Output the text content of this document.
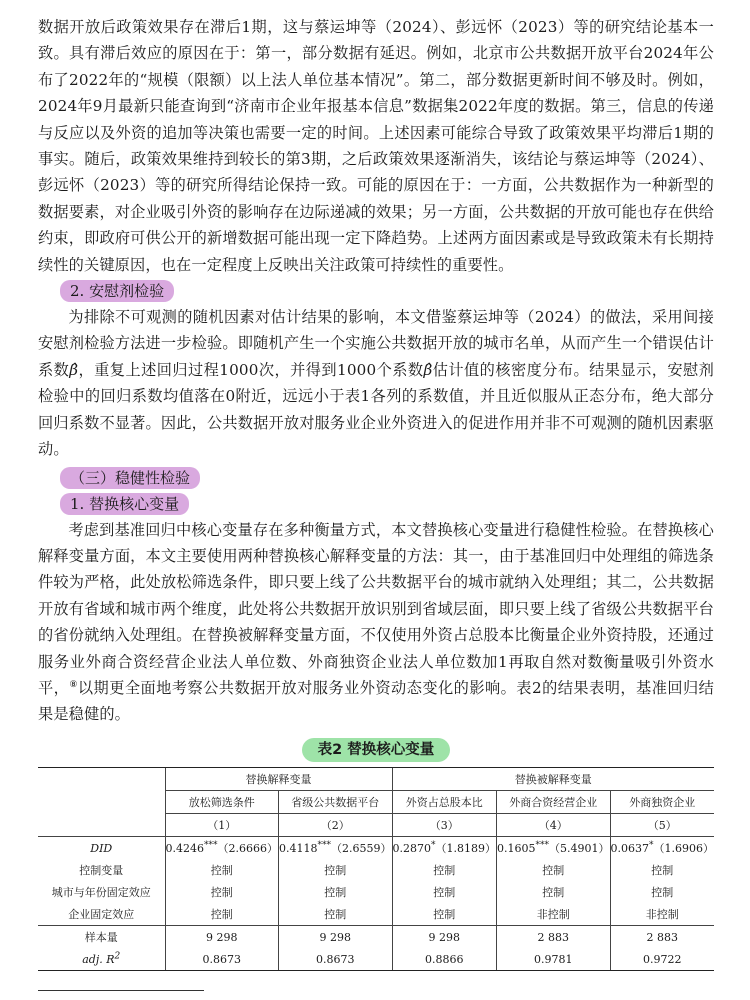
数据开放后政策效果存在滞后1期，这与蔡运坤等（2024）、彭远怀（2023）等的研究结论基本一致。具有滞后效应的原因在于：第一，部分数据有延迟。例如，北京市公共数据开放平台2024年公布了2022年的“规模（限额）以上法人单位基本情况”。第二，部分数据更新时间不够及时。例如，2024年9月最新只能查询到“济南市企业年报基本信息”数据集2022年度的数据。第三，信息的传递与反应以及外资的追加等决策也需要一定的时间。上述因素可能综合导致了政策效果平均滞后1期的事实。随后，政策效果维持到较长的第3期，之后政策效果逐渐消失，该结论与蔡运坤等（2024）、彭远怀（2023）等的研究所得结论保持一致。可能的原因在于：一方面，公共数据作为一种新型的数据要素，对企业吸引外资的影响存在边际递减的效果；另一方面，公共数据的开放可能也存在供给约束，即政府可供公开的新增数据可能出现一定下降趋势。上述两方面因素或是导致政策未有长期持续性的关键原因，也在一定程度上反映出关注政策可持续性的重要性。

2. 安慰剂检验

为排除不可观测的随机因素对估计结果的影响，本文借鉴蔡运坤等（2024）的做法，采用间接安慰剂检验方法进一步检验。即随机产生一个实施公共数据开放的城市名单，从而产生一个错误估计系数β̂，重复上述回归过程1000次，并得到1000个系数β̂估计值的核密度分布。结果显示，安慰剂检验中的回归系数均值落在0附近，远远小于表1各列的系数值，并且近似服从正态分布，绝大部分回归系数不显著。因此，公共数据开放对服务业企业外资进入的促进作用并非不可观测的随机因素驱动。

（三）稳健性检验
1. 替换核心变量

考虑到基准回归中核心变量存在多种衡量方式，本文替换核心变量进行稳健性检验。在替换核心解释变量方面，本文主要使用两种替换核心解释变量的方法：其一，由于基准回归中处理组的筛选条件较为严格，此处放松筛选条件，即只要上线了公共数据平台的城市就纳入处理组；其二，公共数据开放有省域和城市两个维度，此处将公共数据开放识别到省域层面，即只要上线了省级公共数据平台的省份就纳入处理组。在替换被解释变量方面，不仅使用外资占总股本比衡量企业外资持股，还通过服务业外商合资经营企业法人单位数、外商独资企业法人单位数加1再取自然对数衡量吸引外资水平，⑧以期更全面地考察公共数据开放对服务业外资动态变化的影响。表2的结果表明，基准回归结果是稳健的。

表2 替换核心变量
	替换解释变量		替换被解释变量		
	放松筛选条件	省级公共数据平台	外资占总股本比	外商合资经营企业	外商独资企业
	（1）	（2）	（3）	（4）	（5）
DID	0.4246***（2.6666）	0.4118***（2.6559）	0.2870*（1.8189）	0.1605***（5.4901）	0.0637*（1.6906）
控制变量	控制	控制	控制	控制	控制
城市与年份固定效应	控制	控制	控制	控制	控制
企业固定效应	控制	控制	控制	非控制	非控制
样本量	9 298	9 298	9 298	2 883	2 883
adj. $R^2$	0.8673	0.8673	0.8866	0.9781	0.9722
